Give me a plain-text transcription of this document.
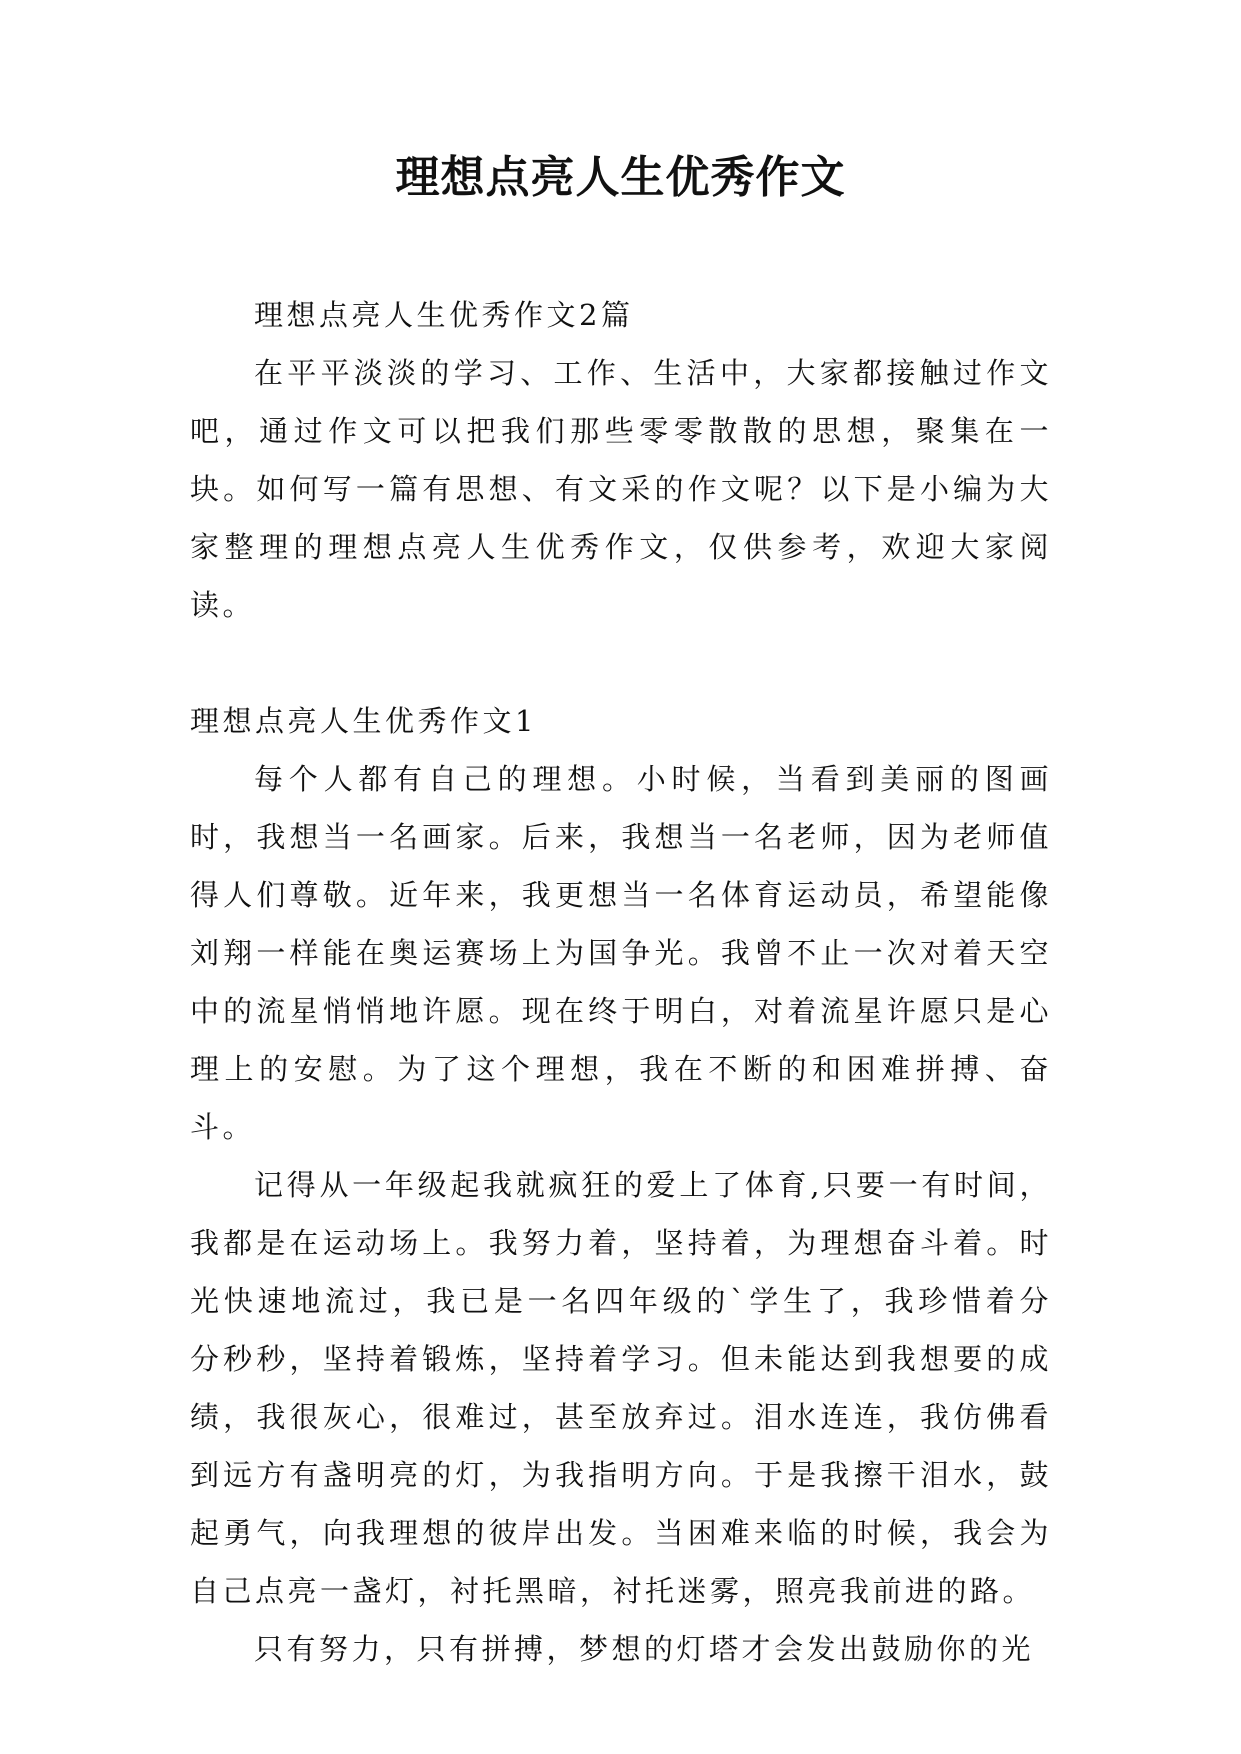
理想点亮人生优秀作文

理想点亮人生优秀作文2篇

在平平淡淡的学习、工作、生活中，大家都接触过作文吧，通过作文可以把我们那些零零散散的思想，聚集在一块。如何写一篇有思想、有文采的作文呢？以下是小编为大家整理的理想点亮人生优秀作文，仅供参考，欢迎大家阅读。

理想点亮人生优秀作文1

每个人都有自己的理想。小时候，当看到美丽的图画时，我想当一名画家。后来，我想当一名老师，因为老师值得人们尊敬。近年来，我更想当一名体育运动员，希望能像刘翔一样能在奥运赛场上为国争光。我曾不止一次对着天空中的流星悄悄地许愿。现在终于明白，对着流星许愿只是心理上的安慰。为了这个理想，我在不断的和困难拼搏、奋斗。

记得从一年级起我就疯狂的爱上了体育,只要一有时间，我都是在运动场上。我努力着，坚持着，为理想奋斗着。时光快速地流过，我已是一名四年级的`学生了，我珍惜着分分秒秒，坚持着锻炼，坚持着学习。但未能达到我想要的成绩，我很灰心，很难过，甚至放弃过。泪水连连，我仿佛看到远方有盏明亮的灯，为我指明方向。于是我擦干泪水，鼓起勇气，向我理想的彼岸出发。当困难来临的时候，我会为自己点亮一盏灯，衬托黑暗，衬托迷雾，照亮我前进的路。

只有努力，只有拼搏，梦想的灯塔才会发出鼓励你的光
